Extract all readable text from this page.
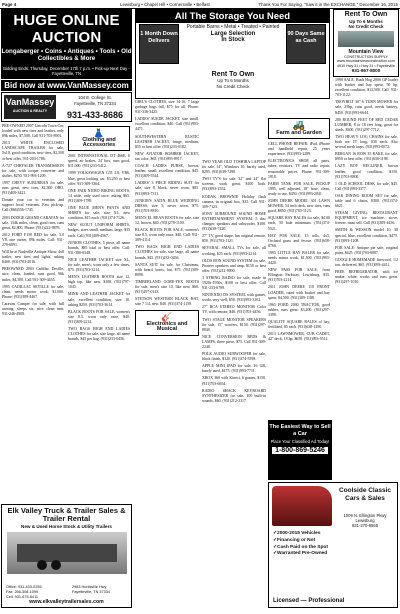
Page 4	Lewisburg • Chapel Hill • Cornersville • Belfast	Thank You For Saying, "Saw it in the EXCHANGE," December 16, 2015
HUGE ONLINE AUCTION
Longaberger • Coins • Antiques • Tools • Old Collectibles & More
Bidding Ends: Thursday, December 17th 7 p.m. • Pick-up Next Day - Fayetteville, TN
Bid now at www.VanMassey.com
VanMassey
AUCTION & REALTY
104 E. College St.
Fayetteville, TN 37334
931-433-8686

PRE-OWNED 2007 Lincoln Town Car, loaded with new tires and leather, only 89k miles, $7,500. Call 931-703-8901.

2013 WHITE ENCLOSED LANDSCAPE TRAILER for sale, 5x10, good condition, new tires, $2,500 or best offer. 931-203-1786.

A-727 CHRYSLER TRANSMISSION for sale, with torque converter and shifter, $250. 931-993-1209.

1997 CHEVY SUBURBAN for sale, runs great, new tires, $2,500 OBO. (931)409-3421.

Donate your car to veterans and support local veterans. Fast pick-up. Call (866)556-1745.

2003 DODGE GRAND CARAVAN for sale, 134k miles, clean, good tires, runs great, $2,800. Phone: (931)222-9876.

2012 FORD F150 RED for sale, 5.0 V8, one owner, 89k miles. Call: 931-270-6891.

Will be at Nashville Antique Show, 4x8 trailer, new tires and lights, asking $400. (931)703-2016.

PREOWNED 2003 Cadillac Deville, nice, clean, loaded, runs good, 96k miles, $4,500. Call 931-309-4455.

1995 CADILLAC SEVILLE for sale, clean, needs motor work, $1,000. Phone: (931)389-4467.

Caravan Camper for sale, with full awning, sleeps six, nice clean unit, 931-246-4908.

👗
Clothing and Accessories

2001 INTERNATIONAL DT 466E, 6 speed, air brakes, 24' box, runs good, $11,000. (931)233-5412.

1999 VOLKSWAGEN GTI 2.8, VR6, blue, great looking car, $3,250 or best offer. 931-309-3364.

ONE PAIR NITRO BIKING BOOTS, 14 wide, only used once, asking $65. (931)309-1789.

ONE BLUE MEN'S PANTS AND SHIRTS for sale, size XL, new condition, $15 each. (931)374-7126.

NEW SCOUT UNIFORM SHIRTS, badges, sizes small, medium, large, $35 each. Call (931)409-4567.

JUNIOR CLOTHES, 5 piece, all name brands, $85 total or best offer. Call: 931-380-6548.

NICE LEATHER JACKET size XL, for sale, men's, worn only a few times, $75. (931)703-5214.

MEN'S LEATHER BOOTS size 12, high top, like new, $100. (931)797-1045.

MINK AND LEATHER JACKET for sale, excellent condition, size 10, asking $250. (931)703-3614.

BLACK BOOTS FOR SALE, women's size 8.5, worn only once, $40. (931)309-2214.

TWO BAGS HIGH END LADIES CLOTHES for sale, size large, all name brands, $45 per bag. (931)233-0456.

All The Storage You Need
1 Month Down Delivers
Portable Barns • Metal • Treated • Painted
Large Selection
In Stock
90 Days Same as Cash
Rent To Own
Up To 6 Months
No Credit Check
Rent To Own
Up To 6 Months
No Credit Check
Mountain View
CONSTRUCTION SUPPLY
www.mountainviewconstruction.com
4910 Hwy 31 • Hwy 31 • Fayetteville
931-967-8000

GIRL'S CLOTHES, size 14-16, 7 large garbage bags full, $75 for all. Phone: 931-336-3425.

LADIES' SUEDE JACKET, size small, excellent condition, $40. Call (931)993-4471.

SOUTHWESTERN RUSTIC LEATHER JACKET, fringe, medium, $55 or best offer. (931)233-0182.

NEW AVIATOR BOMBER JACKET, tan color, $65. (931)993-8917.

COACH LADIES PURSE, brown, leather, small, excellent condition, $45. (931)309-5544.

LADIES' 3 PIECE RIDING SUIT for sale, size 8, black, never worn, $85. (931)993-7311.

JUNIOR'S SATIN BLUE WEDDING DRESS, size 5, never worn, $75. (931)703-8810.

MEN'S EL BEAN BOOTS for sale, size 12, brown, $40. (931)270-1100.

BLACK BOOTS FOR SALE, women's size 8.5, worn only once, $40. Call: 931-309-4114.

TWO BAGS HIGH END LADIES CLOTHES for sale, size large, all name brands, $45. (931)233-0456.

SANTA SUIT for sale, for Christmas, with beard, boots, hat, $75. (931)309-8090.

TIMBERLAND GORE-TEX BOOTS for sale, men's size 10, like new, $60. (931)297-0143.

STETSON WESTERN BLACK HAT, size 7 1/4, new, $40. (931)374-1158.

🎸
Electronics and Musical

TWO YEAR OLD TOSHIBA LAPTOP for sale, 14", Windows 10, barely used, $295. (931)638-7298.

TWO TV'S for sale, 32" and 24" flat screens, work great, $100 both. (931)993-2552.

KODAK BROWNIE Holiday flash camera, in original box, $35. Call 931-309-7123.

SONY SURROUND SOUND HOME ENTERTAINMENT SYSTEM, 5 disc changer, speakers and subwoofer, $100. (931)638-7420.

27" TV, good shape, has original remote, $50. (931)703-1121.

SEVERAL SMALL TVs for sale, all working, $25 each. (931)993-2214.

OLDS BON SOUND SYSTEM for sale, Pioneer speakers and amp, $150 or best offer. (931)212-9090.

3 STRING RADIO for sale, made in 1920s-1950s, $100 or best offer. Call 931-233-6789.

NINTENDO DS SYSTEM, with games, works very well, $50. (931)993-3102.

27" RCA STEREO MONITOR Color TV, with remote, $40. (931)703-4456.

TWO STAGE MONITOR SPEAKERS for sale, 15" woofers, $150. (931)297-8840.

NICE CONVERSION BEDS & LAMPS, three piece, $75. Call 931-309-2240.

POLK AUDIO SUBWOOFER for sale, black finish, $120. (931)374-5598.

APPLE MINI IPAD for sale, 16 GB, barely used, $175. (931)993-7711.

XBOX 360 with Kinect, 6 games, $150. (931)703-6654.

RADIO SHACK KEYBOARD SYNTHESIZER for sale, 100 built-in sounds, $60. (931)212-3317.

🚜
Farm and Garden

CELL PHONE REPAIR. iPad, iPhone and handheld repair, 25 years experience. (931)993-2289.

ELECTRONICS SHOP, all parts, tubes, resistors, TV and radio repair, reasonable prices. Phone: 931-309-1818.

FARM TANK FOR SALE, PICKUP 1995, well adjusted, 18" hose, clean, ready to use, $450. (931)993-2841.

JOHN DEERE MODEL 301 LAWN MOWER, 54 inch deck, new tires, runs good, $850. (931)703-1123.

SQUARE HAY BALES for sale, $4.00 each, 50 bale minimum. (931)374-5521.

HAY FOR SALE, 15 rolls, 4x5, Orchard grass and fescue. (931)638-8760.

1995 LITTLE HAY BALER for sale, needs minor work, $1,500. (931)993-4420.

NEW PASS FOR SALE, from Ellington Parkway, Lewisburg. $35. (931)703-2214.

2011 JOHN DEERE 110 FRONT LOADER, rated with bucket and hay spear, $4,500. (931)309-1188.

1965 FORD 2000 TRACTOR, good rubber, runs great. $3,200. (931)297-3398.

QUALITY SQUARE BALES of hay, fertilized, $5 each. (931)638-1290.

2013 LAWNMOWER, CUB CADET, 42" deck, 18 hp, $650. (931)993-5512.

1998 SALE. Bush Hog 2006 GP loader with bucket and hay spear, 50 hp, excellent condition, $12,500. Call: 931-703-1122.

TROYBILT 30" 6 TURN MOWER for sale, 25hp, runs good, needs battery, $450. (931)993-6644.

200 ROUND FEET OF RED CEDAR LUMBER, 8 to 18 feet long, great for sheds, $300. (931)297-7712.

TWO HEAVY LOG CHAINS for sale, both are 15' long, $30 each. Also several mesh tarps. (931)993-0072.

BERGAN 16 ROW 35 RAKE, for sale, $950 or best offer. (931)638-1198.

LAZY BOY RECLINER, brown leather, good condition, $150. (931)703-8800.

1 OLD SCHOOL DESK for sale, $45. Call (931)993-3377.

OAK DINING ROOM SET for sale, table and 6 chairs, $300. (931)374-6621.

STEAM GIVING, RESTAURANT EQUIPMENT, ice machine, stove, freezer, must sell. Call (931)309-4456.

SMITH & WESSON model 10, 38 special, blue, excellent condition, $475. (931)993-1208.

FOR SALE: Antique pie safe, original paint, $425. (931)703-9087.

GOOGLE HOMEMADE firewood, 1/2 ton, delivered, $65. (931)993-4411.

FREE REFRIGERATOR, with ice maker, white, works and runs great. (931)297-1010.

Elk Valley Truck & Trailer Sales & Trailer Rental
New & Used Horse Stock & Utility Trailers
Office: 931-433-0255
Fax: 256-308-1099
Cell: 931-675-6411
2983 Huntsville Hwy
Fayetteville, TN 37334
www.elkvalleytrailersales.com
The Easiest Way to Sell a Car
Place Your Classified Ad Today!
1-800-869-5246
Coolside Classic Cars & Sales
1009 N. Ellington Pkwy
Lewisburg
931-270-6565
✓ 2000-2015 Vehicles
✓ Financing or Not
✓ Cash Paid on the Spot
✓ Warranted Pre-Owned
Licensed — Professional
